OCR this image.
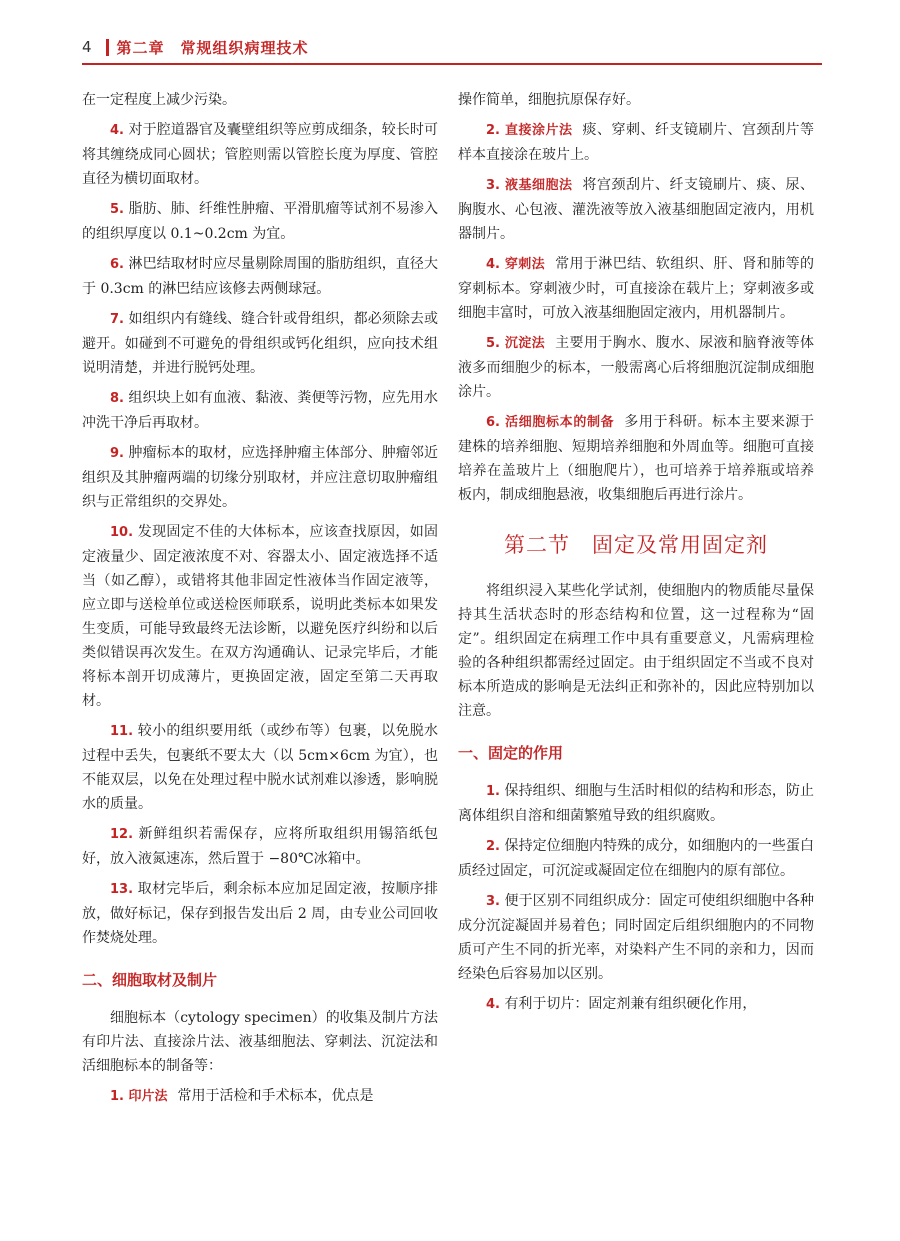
4 第二章　常规组织病理技术

在一定程度上减少污染。

4. 对于腔道器官及囊壁组织等应剪成细条，较长时可将其缠绕成同心圆状；管腔则需以管腔长度为厚度、管腔直径为横切面取材。

5. 脂肪、肺、纤维性肿瘤、平滑肌瘤等试剂不易渗入的组织厚度以 0.1~0.2cm 为宜。

6. 淋巴结取材时应尽量剔除周围的脂肪组织，直径大于 0.3cm 的淋巴结应该修去两侧球冠。

7. 如组织内有缝线、缝合针或骨组织，都必须除去或避开。如碰到不可避免的骨组织或钙化组织，应向技术组说明清楚，并进行脱钙处理。

8. 组织块上如有血液、黏液、粪便等污物，应先用水冲洗干净后再取材。

9. 肿瘤标本的取材，应选择肿瘤主体部分、肿瘤邻近组织及其肿瘤两端的切缘分别取材，并应注意切取肿瘤组织与正常组织的交界处。

10. 发现固定不佳的大体标本，应该查找原因，如固定液量少、固定液浓度不对、容器太小、固定液选择不适当（如乙醇），或错将其他非固定性液体当作固定液等，应立即与送检单位或送检医师联系，说明此类标本如果发生变质，可能导致最终无法诊断，以避免医疗纠纷和以后类似错误再次发生。在双方沟通确认、记录完毕后，才能将标本剖开切成薄片，更换固定液，固定至第二天再取材。

11. 较小的组织要用纸（或纱布等）包裹，以免脱水过程中丢失，包裹纸不要太大（以 5cm×6cm 为宜），也不能双层，以免在处理过程中脱水试剂难以渗透，影响脱水的质量。

12. 新鲜组织若需保存，应将所取组织用锡箔纸包好，放入液氮速冻，然后置于 −80℃冰箱中。

13. 取材完毕后，剩余标本应加足固定液，按顺序排放，做好标记，保存到报告发出后 2 周，由专业公司回收作焚烧处理。

二、细胞取材及制片

细胞标本（cytology specimen）的收集及制片方法有印片法、直接涂片法、液基细胞法、穿刺法、沉淀法和活细胞标本的制备等：

1. 印片法 常用于活检和手术标本，优点是

操作简单，细胞抗原保存好。

2. 直接涂片法 痰、穿刺、纤支镜刷片、宫颈刮片等样本直接涂在玻片上。

3. 液基细胞法 将宫颈刮片、纤支镜刷片、痰、尿、胸腹水、心包液、灌洗液等放入液基细胞固定液内，用机器制片。

4. 穿刺法 常用于淋巴结、软组织、肝、肾和肺等的穿刺标本。穿刺液少时，可直接涂在载片上；穿刺液多或细胞丰富时，可放入液基细胞固定液内，用机器制片。

5. 沉淀法 主要用于胸水、腹水、尿液和脑脊液等体液多而细胞少的标本，一般需离心后将细胞沉淀制成细胞涂片。

6. 活细胞标本的制备 多用于科研。标本主要来源于建株的培养细胞、短期培养细胞和外周血等。细胞可直接培养在盖玻片上（细胞爬片），也可培养于培养瓶或培养板内，制成细胞悬液，收集细胞后再进行涂片。

第二节 固定及常用固定剂

将组织浸入某些化学试剂，使细胞内的物质能尽量保持其生活状态时的形态结构和位置，这一过程称为“固定”。组织固定在病理工作中具有重要意义，凡需病理检验的各种组织都需经过固定。由于组织固定不当或不良对标本所造成的影响是无法纠正和弥补的，因此应特别加以注意。

一、固定的作用

1. 保持组织、细胞与生活时相似的结构和形态，防止离体组织自溶和细菌繁殖导致的组织腐败。

2. 保持定位细胞内特殊的成分，如细胞内的一些蛋白质经过固定，可沉淀或凝固定位在细胞内的原有部位。

3. 便于区别不同组织成分：固定可使组织细胞中各种成分沉淀凝固并易着色；同时固定后组织细胞内的不同物质可产生不同的折光率，对染料产生不同的亲和力，因而经染色后容易加以区别。

4. 有利于切片：固定剂兼有组织硬化作用，
